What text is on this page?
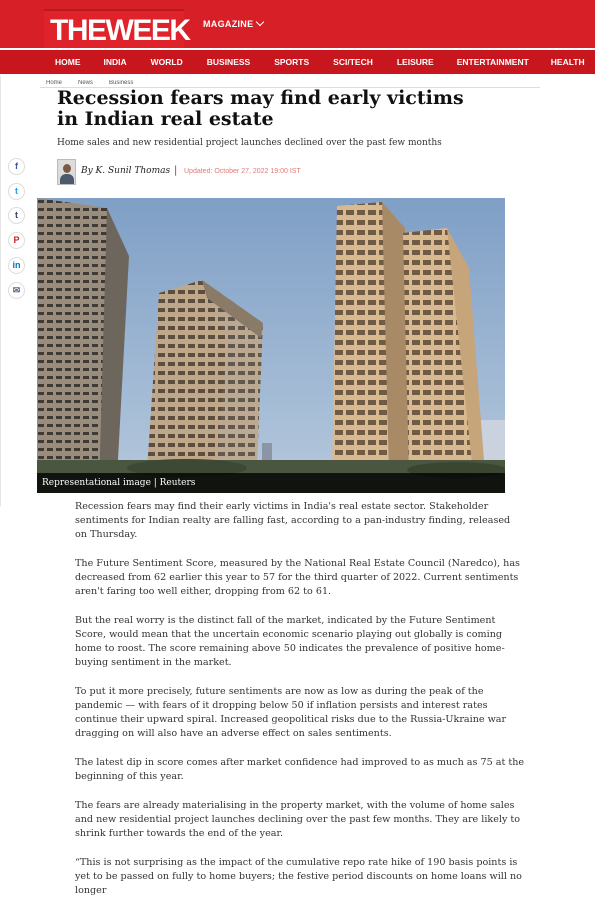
THEWEEK MAGAZINE
HOME	INDIA	WORLD	BUSINESS	SPORTS	SCI/TECH	LEISURE	ENTERTAINMENT	HEALTH
Home	News	Business
Recession fears may find early victims in Indian real estate
Home sales and new residential project launches declined over the past few months
By K. Sunil Thomas | Updated: October 27, 2022 19:00 IST
f
t
t
P
in
✉
Representational image | Reuters

Recession fears may find their early victims in India's real estate sector. Stakeholder sentiments for Indian realty are falling fast, according to a pan-industry finding, released on Thursday.

The Future Sentiment Score, measured by the National Real Estate Council (Naredco), has decreased from 62 earlier this year to 57 for the third quarter of 2022. Current sentiments aren't faring too well either, dropping from 62 to 61.

But the real worry is the distinct fall of the market, indicated by the Future Sentiment Score, would mean that the uncertain economic scenario playing out globally is coming home to roost. The score remaining above 50 indicates the prevalence of positive home-buying sentiment in the market.

To put it more precisely, future sentiments are now as low as during the peak of the pandemic — with fears of it dropping below 50 if inflation persists and interest rates continue their upward spiral. Increased geopolitical risks due to the Russia-Ukraine war dragging on will also have an adverse effect on sales sentiments.

The latest dip in score comes after market confidence had improved to as much as 75 at the beginning of this year.

The fears are already materialising in the property market, with the volume of home sales and new residential project launches declining over the past few months. They are likely to shrink further towards the end of the year.

“This is not surprising as the impact of the cumulative repo rate hike of 190 basis points is yet to be passed on fully to home buyers; the festive period discounts on home loans will no longer
